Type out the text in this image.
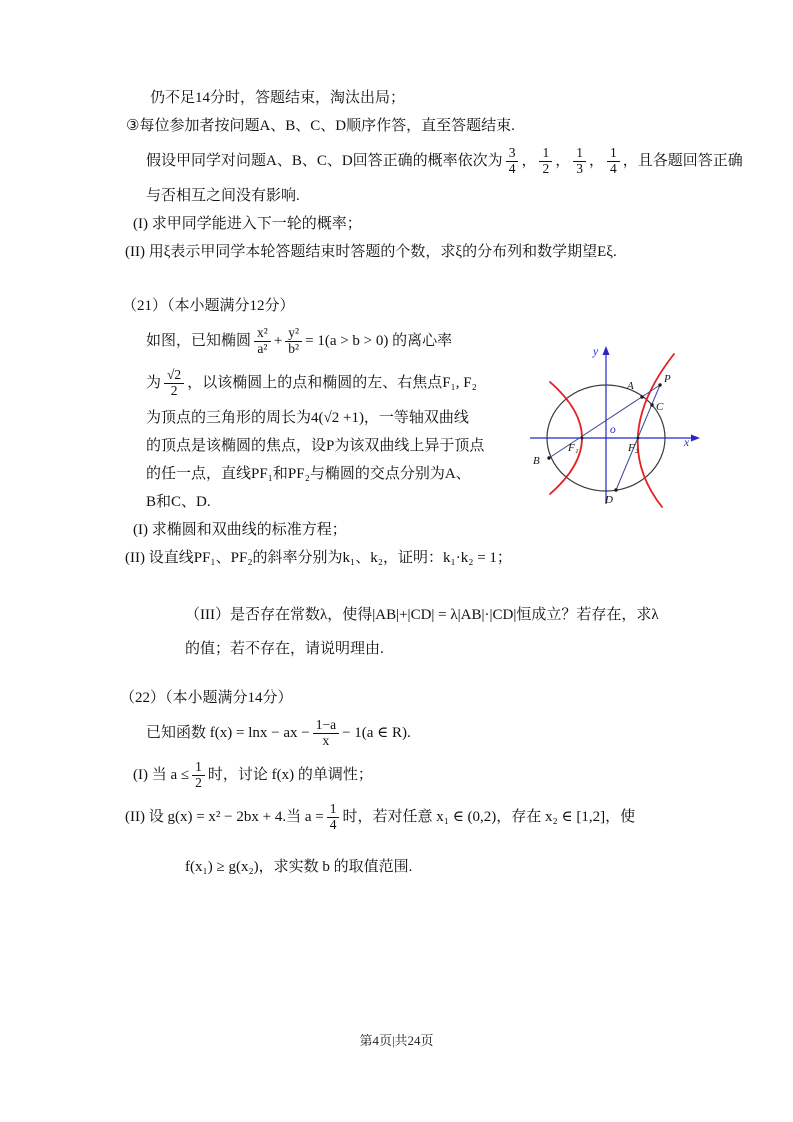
仍不足14分时，答题结束，淘汰出局；

③每位参加者按问题A、B、C、D顺序作答，直至答题结束.

假设甲同学对问题A、B、C、D回答正确的概率依次为 $\frac{3}{4}$ ， $\frac{1}{2}$ ， $\frac{1}{3}$ ， $\frac{1}{4}$ ，且各题回答正确

与否相互之间没有影响.

(I) 求甲同学能进入下一轮的概率；

(II) 用ξ表示甲同学本轮答题结束时答题的个数，求ξ的分布列和数学期望Eξ.

（21）（本小题满分12分）

如图，已知椭圆 $\frac{\text{x²}}{\text{a²}} + \frac{\text{y²}}{\text{b²}} = 1(a > b > 0)$ 的离心率

为 $\frac{√2}{2}$ ，以该椭圆上的点和椭圆的左、右焦点F₁, F₂

为顶点的三角形的周长为4(√2 +1)，一等轴双曲线

的顶点是该椭圆的焦点，设P为该双曲线上异于顶点

的任一点，直线PF₁和PF₂与椭圆的交点分别为A、

B和C、D.

(I) 求椭圆和双曲线的标准方程；

(II) 设直线PF₁、PF₂的斜率分别为k₁、k₂，证明：k₁·k₂ = 1；

（III）是否存在常数λ，使得|AB|+|CD| = λ|AB|·|CD|恒成立？若存在，求λ

的值；若不存在，请说明理由.

（22）（本小题满分14分）

已知函数 f(x) = lnx − ax − $\frac{1-a}{x} - 1(a$ ∈ R).

(I) 当 $a \le \frac{1}{2}$ 时，讨论 f(x) 的单调性；

(II) 设 g(x) = x² − 2bx + 4.当 $a = \frac{1}{4}$ 时，若对任意 x₁ ∈ (0,2)，存在 x₂ ∈ [1,2]，使

f(x₁) ≥ g(x₂)，求实数 b 的取值范围.

y
x
o
A
P
C
B
D
F₁	F₂
第4页|共24页
